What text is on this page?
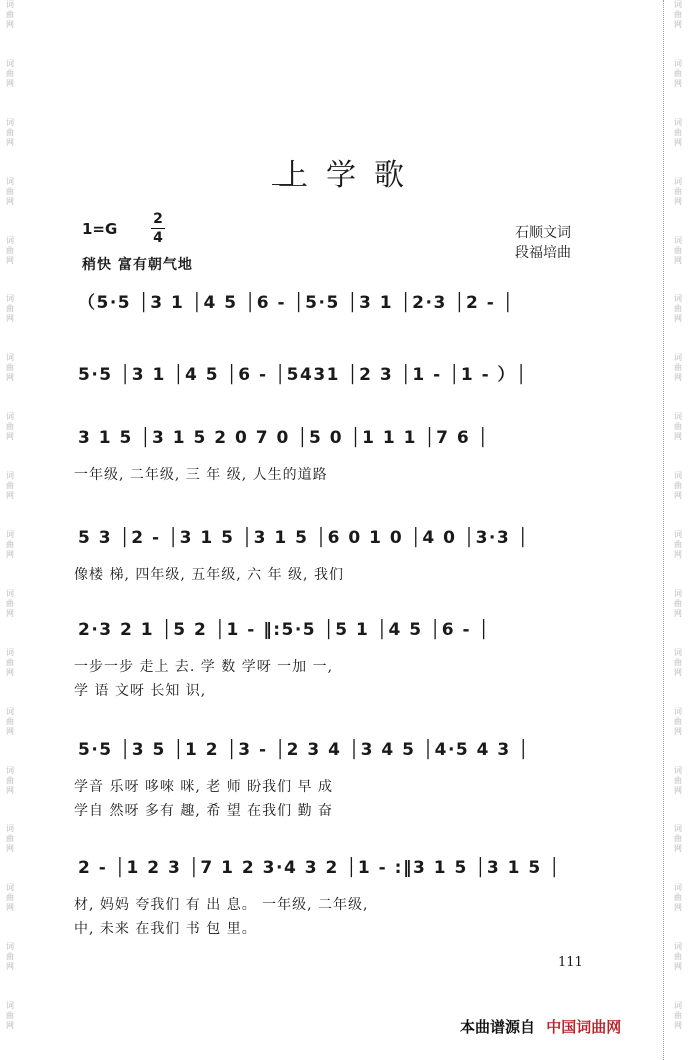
词
曲
网
词
曲
网
词
曲
网
词
曲
网
词
曲
网
词
曲
网
词
曲
网
词
曲
网
词
曲
网
词
曲
网
词
曲
网
词
曲
网
词
曲
网
词
曲
网
词
曲
网
词
曲
网
词
曲
网
词
曲
网
词
曲
网
词
曲
网
词
曲
网
词
曲
网
词
曲
网
词
曲
网
词
曲
网
词
曲
网
词
曲
网
词
曲
网
词
曲
网
词
曲
网
词
曲
网
词
曲
网
词
曲
网
词
曲
网
词
曲
网
词
曲
网
上学歌
1=G
2
4
稍快 富有朝气地
石顺文词
段福培曲
（5·5 │3 1 │4 5 │6 - │5·5 │3 1 │2·3 │2 - │
5·5 │3 1 │4 5 │6 - │5431 │2 3 │1 - │1 - ）│
3 1 5 │3 1 5 2 0 7 0 │5 0 │1 1 1 │7 6 │
一年级, 二年级, 三 年 级, 人生的道路
5 3 │2 - │3 1 5 │3 1 5 │6 0 1 0 │4 0 │3·3 │
像楼 梯, 四年级, 五年级, 六 年 级, 我们
2·3 2 1 │5 2 │1 - ‖:5·5 │5 1 │4 5 │6 - │
一步一步 走上 去. 学 数 学呀 一加 一,
学 语 文呀 长知 识,
5·5 │3 5 │1 2 │3 - │2 3 4 │3 4 5 │4·5 4 3 │
学音 乐呀 哆唻 咪, 老 师 盼我们 早 成
学自 然呀 多有 趣, 希 望 在我们 勤 奋
2 - │1 2 3 │7 1 2 3·4 3 2 │1 - :‖3 1 5 │3 1 5 │
材, 妈妈 夸我们 有 出 息。 一年级, 二年级,
中, 未来 在我们 书 包 里。
111
本曲谱源自 中国词曲网
